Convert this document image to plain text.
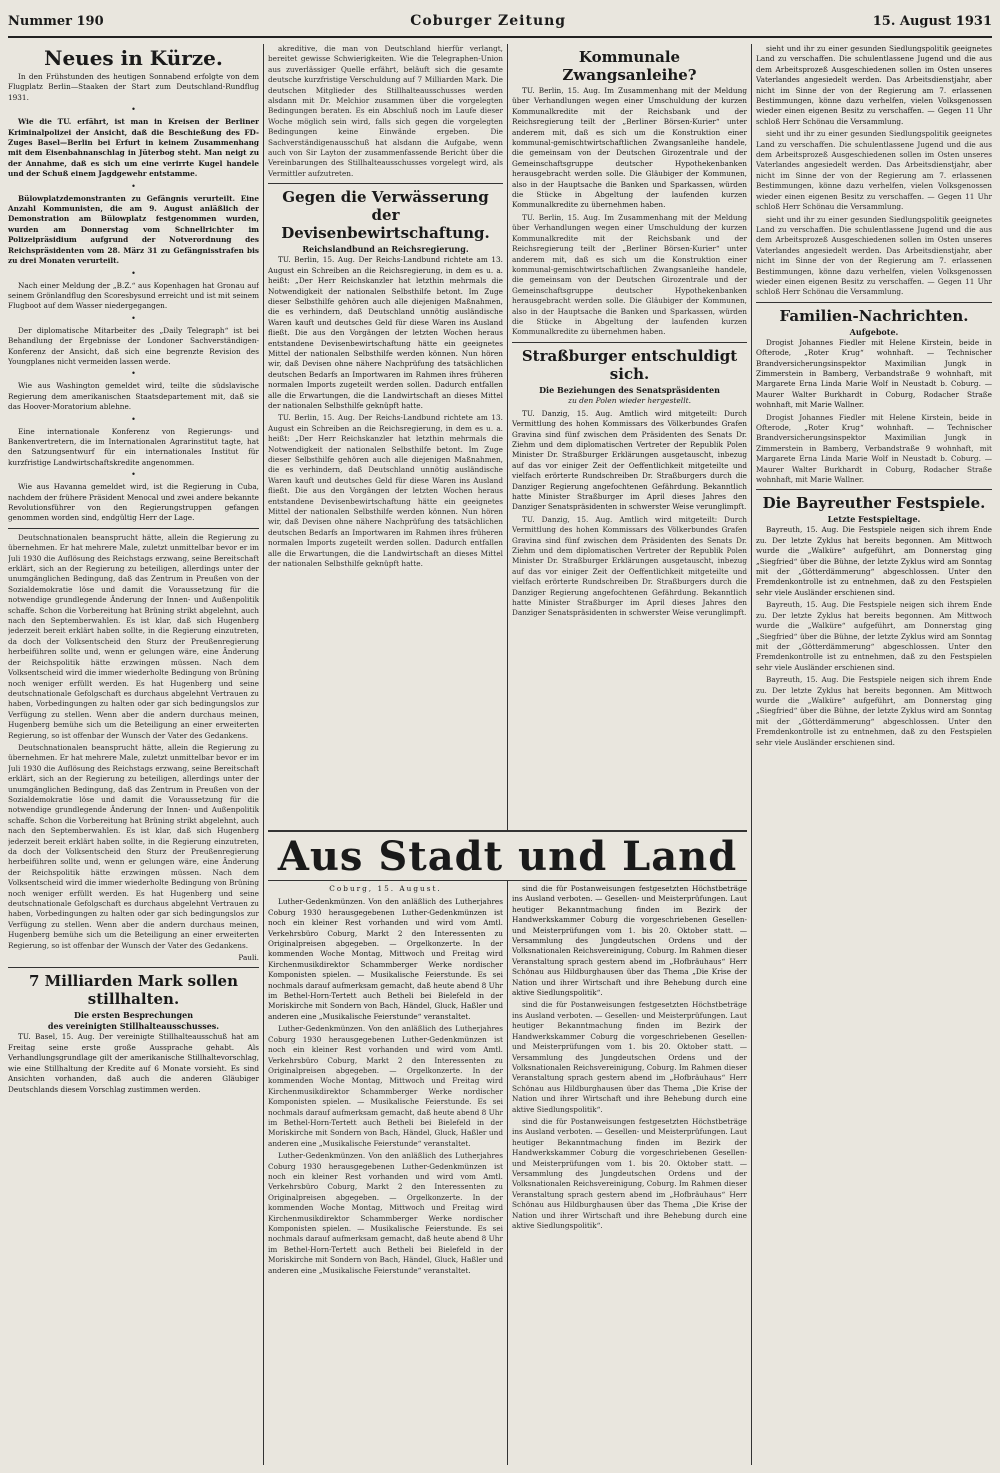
Nummer 190	Coburger Zeitung	15. August 1931
Neues in Kürze.

In den Frühstunden des heutigen Sonnabend erfolgte von dem Flugplatz Berlin—Staaken der Start zum Deutschland-Rundflug 1931.

•

Wie die TU. erfährt, ist man in Kreisen der Berliner Kriminalpolizei der Ansicht, daß die Beschießung des FD-Zuges Basel—Berlin bei Erfurt in keinem Zusammenhang mit dem Eisenbahnanschlag in Jüterbog steht. Man neigt zu der Annahme, daß es sich um eine verirrte Kugel handele und der Schuß einem Jagdgewehr entstamme.

•

Bülowplatzdemonstranten zu Gefängnis verurteilt. Eine Anzahl Kommunisten, die am 9. August anläßlich der Demonstration am Bülowplatz festgenommen wurden, wurden am Donnerstag vom Schnellrichter im Polizeipräsidium aufgrund der Notverordnung des Reichspräsidenten vom 28. März 31 zu Gefängnisstrafen bis zu drei Monaten verurteilt.

•

Nach einer Meldung der „B.Z.“ aus Kopenhagen hat Gronau auf seinem Grönlandflug den Scoresbysund erreicht und ist mit seinem Flugboot auf dem Wasser niedergegangen.

•

Der diplomatische Mitarbeiter des „Daily Telegraph“ ist bei Behandlung der Ergebnisse der Londoner Sachverständigen-Konferenz der Ansicht, daß sich eine begrenzte Revision des Youngplanes nicht vermeiden lassen werde.

•

Wie aus Washington gemeldet wird, teilte die südslavische Regierung dem amerikanischen Staatsdepartement mit, daß sie das Hoover-Moratorium ablehne.

•

Eine internationale Konferenz von Regierungs- und Bankenvertretern, die im Internationalen Agrarinstitut tagte, hat den Satzungsentwurf für ein internationales Institut für kurzfristige Landwirtschaftskredite angenommen.

•

Wie aus Havanna gemeldet wird, ist die Regierung in Cuba, nachdem der frühere Präsident Menocal und zwei andere bekannte Revolutionsführer von den Regierungstruppen gefangen genommen worden sind, endgültig Herr der Lage.

Deutschnationalen beansprucht hätte, allein die Regierung zu übernehmen. Er hat mehrere Male, zuletzt unmittelbar bevor er im Juli 1930 die Auflösung des Reichstags erzwang, seine Bereitschaft erklärt, sich an der Regierung zu beteiligen, allerdings unter der unumgänglichen Bedingung, daß das Zentrum in Preußen von der Sozialdemokratie löse und damit die Voraussetzung für die notwendige grundlegende Änderung der Innen- und Außenpolitik schaffe. Schon die Vorbereitung hat Brüning strikt abgelehnt, auch nach den Septemberwahlen. Es ist klar, daß sich Hugenberg jederzeit bereit erklärt haben sollte, in die Regierung einzutreten, da doch der Volksentscheid den Sturz der Preußenregierung herbeiführen sollte und, wenn er gelungen wäre, eine Änderung der Reichspolitik hätte erzwingen müssen. Nach dem Volksentscheid wird die immer wiederholte Bedingung von Brüning noch weniger erfüllt werden. Es hat Hugenberg und seine deutschnationale Gefolgschaft es durchaus abgelehnt Vertrauen zu haben, Vorbedingungen zu halten oder gar sich bedingungslos zur Verfügung zu stellen. Wenn aber die andern durchaus meinen, Hugenberg bemühe sich um die Beteiligung an einer erweiterten Regierung, so ist offenbar der Wunsch der Vater des Gedankens.

Deutschnationalen beansprucht hätte, allein die Regierung zu übernehmen. Er hat mehrere Male, zuletzt unmittelbar bevor er im Juli 1930 die Auflösung des Reichstags erzwang, seine Bereitschaft erklärt, sich an der Regierung zu beteiligen, allerdings unter der unumgänglichen Bedingung, daß das Zentrum in Preußen von der Sozialdemokratie löse und damit die Voraussetzung für die notwendige grundlegende Änderung der Innen- und Außenpolitik schaffe. Schon die Vorbereitung hat Brüning strikt abgelehnt, auch nach den Septemberwahlen. Es ist klar, daß sich Hugenberg jederzeit bereit erklärt haben sollte, in die Regierung einzutreten, da doch der Volksentscheid den Sturz der Preußenregierung herbeiführen sollte und, wenn er gelungen wäre, eine Änderung der Reichspolitik hätte erzwingen müssen. Nach dem Volksentscheid wird die immer wiederholte Bedingung von Brüning noch weniger erfüllt werden. Es hat Hugenberg und seine deutschnationale Gefolgschaft es durchaus abgelehnt Vertrauen zu haben, Vorbedingungen zu halten oder gar sich bedingungslos zur Verfügung zu stellen. Wenn aber die andern durchaus meinen, Hugenberg bemühe sich um die Beteiligung an einer erweiterten Regierung, so ist offenbar der Wunsch der Vater des Gedankens.

Pauli.
7 Milliarden Mark sollen stillhalten.
Die ersten Besprechungen
des vereinigten Stillhalteausschusses.

TU. Basel, 15. Aug. Der vereinigte Stillhalteausschuß hat am Freitag seine erste große Aussprache gehabt. Als Verhandlungsgrundlage gilt der amerikanische Stillhaltevorschlag, wie eine Stillhaltung der Kredite auf 6 Monate vorsieht. Es sind Ansichten vorhanden, daß auch die anderen Gläubiger Deutschlands diesem Vorschlag zustimmen werden.

akreditive, die man von Deutschland hierfür verlangt, bereitet gewisse Schwierigkeiten. Wie die Telegraphen-Union aus zuverlässiger Quelle erfährt, beläuft sich die gesamte deutsche kurzfristige Verschuldung auf 7 Milliarden Mark. Die deutschen Mitglieder des Stillhalteausschusses werden alsdann mit Dr. Melchior zusammen über die vorgelegten Bedingungen beraten. Es ein Abschluß noch im Laufe dieser Woche möglich sein wird, falls sich gegen die vorgelegten Bedingungen keine Einwände ergeben. Die Sachverständigenausschuß hat alsdann die Aufgabe, wenn auch von Sir Layton der zusammenfassende Bericht über die Vereinbarungen des Stillhalteausschusses vorgelegt wird, als Vermittler aufzutreten.

Gegen die Verwässerung der Devisenbewirtschaftung.
Reichslandbund an Reichsregierung.

TU. Berlin, 15. Aug. Der Reichs-Landbund richtete am 13. August ein Schreiben an die Reichsregierung, in dem es u. a. heißt: „Der Herr Reichskanzler hat letzthin mehrmals die Notwendigkeit der nationalen Selbsthilfe betont. Im Zuge dieser Selbsthilfe gehören auch alle diejenigen Maßnahmen, die es verhindern, daß Deutschland unnötig ausländische Waren kauft und deutsches Geld für diese Waren ins Ausland fließt. Die aus den Vorgängen der letzten Wochen heraus entstandene Devisenbewirtschaftung hätte ein geeignetes Mittel der nationalen Selbsthilfe werden können. Nun hören wir, daß Devisen ohne nähere Nachprüfung des tatsächlichen deutschen Bedarfs an Importwaren im Rahmen ihres früheren normalen Imports zugeteilt werden sollen. Dadurch entfallen alle die Erwartungen, die die Landwirtschaft an dieses Mittel der nationalen Selbsthilfe geknüpft hatte.

TU. Berlin, 15. Aug. Der Reichs-Landbund richtete am 13. August ein Schreiben an die Reichsregierung, in dem es u. a. heißt: „Der Herr Reichskanzler hat letzthin mehrmals die Notwendigkeit der nationalen Selbsthilfe betont. Im Zuge dieser Selbsthilfe gehören auch alle diejenigen Maßnahmen, die es verhindern, daß Deutschland unnötig ausländische Waren kauft und deutsches Geld für diese Waren ins Ausland fließt. Die aus den Vorgängen der letzten Wochen heraus entstandene Devisenbewirtschaftung hätte ein geeignetes Mittel der nationalen Selbsthilfe werden können. Nun hören wir, daß Devisen ohne nähere Nachprüfung des tatsächlichen deutschen Bedarfs an Importwaren im Rahmen ihres früheren normalen Imports zugeteilt werden sollen. Dadurch entfallen alle die Erwartungen, die die Landwirtschaft an dieses Mittel der nationalen Selbsthilfe geknüpft hatte.

Kommunale Zwangsanleihe?

TU. Berlin, 15. Aug. Im Zusammenhang mit der Meldung über Verhandlungen wegen einer Umschuldung der kurzen Kommunalkredite mit der Reichsbank und der Reichsregierung teilt der „Berliner Börsen-Kurier“ unter anderem mit, daß es sich um die Konstruktion einer kommunal-gemischtwirtschaftlichen Zwangsanleihe handele, die gemeinsam von der Deutschen Girozentrale und der Gemeinschaftsgruppe deutscher Hypothekenbanken herausgebracht werden solle. Die Gläubiger der Kommunen, also in der Hauptsache die Banken und Sparkassen, würden die Stücke in Abgeltung der laufenden kurzen Kommunalkredite zu übernehmen haben.

TU. Berlin, 15. Aug. Im Zusammenhang mit der Meldung über Verhandlungen wegen einer Umschuldung der kurzen Kommunalkredite mit der Reichsbank und der Reichsregierung teilt der „Berliner Börsen-Kurier“ unter anderem mit, daß es sich um die Konstruktion einer kommunal-gemischtwirtschaftlichen Zwangsanleihe handele, die gemeinsam von der Deutschen Girozentrale und der Gemeinschaftsgruppe deutscher Hypothekenbanken herausgebracht werden solle. Die Gläubiger der Kommunen, also in der Hauptsache die Banken und Sparkassen, würden die Stücke in Abgeltung der laufenden kurzen Kommunalkredite zu übernehmen haben.

Straßburger entschuldigt sich.
Die Beziehungen des Senatspräsidenten
zu den Polen wieder hergestellt.

TU. Danzig, 15. Aug. Amtlich wird mitgeteilt: Durch Vermittlung des hohen Kommissars des Völkerbundes Grafen Gravina sind fünf zwischen dem Präsidenten des Senats Dr. Ziehm und dem diplomatischen Vertreter der Republik Polen Minister Dr. Straßburger Erklärungen ausgetauscht, inbezug auf das vor einiger Zeit der Oeffentlichkeit mitgeteilte und vielfach erörterte Rundschreiben Dr. Straßburgers durch die Danziger Regierung angefochtenen Gefährdung. Bekanntlich hatte Minister Straßburger im April dieses Jahres den Danziger Senatspräsidenten in schwerster Weise verunglimpft.

TU. Danzig, 15. Aug. Amtlich wird mitgeteilt: Durch Vermittlung des hohen Kommissars des Völkerbundes Grafen Gravina sind fünf zwischen dem Präsidenten des Senats Dr. Ziehm und dem diplomatischen Vertreter der Republik Polen Minister Dr. Straßburger Erklärungen ausgetauscht, inbezug auf das vor einiger Zeit der Oeffentlichkeit mitgeteilte und vielfach erörterte Rundschreiben Dr. Straßburgers durch die Danziger Regierung angefochtenen Gefährdung. Bekanntlich hatte Minister Straßburger im April dieses Jahres den Danziger Senatspräsidenten in schwerster Weise verunglimpft.

sieht und ihr zu einer gesunden Siedlungspolitik geeignetes Land zu verschaffen. Die schulentlassene Jugend und die aus dem Arbeitsprozeß Ausgeschiedenen sollen im Osten unseres Vaterlandes angesiedelt werden. Das Arbeitsdienstjahr, aber nicht im Sinne der von der Regierung am 7. erlassenen Bestimmungen, könne dazu verhelfen, vielen Volksgenossen wieder einen eigenen Besitz zu verschaffen. — Gegen 11 Uhr schloß Herr Schönau die Versammlung.

sieht und ihr zu einer gesunden Siedlungspolitik geeignetes Land zu verschaffen. Die schulentlassene Jugend und die aus dem Arbeitsprozeß Ausgeschiedenen sollen im Osten unseres Vaterlandes angesiedelt werden. Das Arbeitsdienstjahr, aber nicht im Sinne der von der Regierung am 7. erlassenen Bestimmungen, könne dazu verhelfen, vielen Volksgenossen wieder einen eigenen Besitz zu verschaffen. — Gegen 11 Uhr schloß Herr Schönau die Versammlung.

sieht und ihr zu einer gesunden Siedlungspolitik geeignetes Land zu verschaffen. Die schulentlassene Jugend und die aus dem Arbeitsprozeß Ausgeschiedenen sollen im Osten unseres Vaterlandes angesiedelt werden. Das Arbeitsdienstjahr, aber nicht im Sinne der von der Regierung am 7. erlassenen Bestimmungen, könne dazu verhelfen, vielen Volksgenossen wieder einen eigenen Besitz zu verschaffen. — Gegen 11 Uhr schloß Herr Schönau die Versammlung.

Familien-Nachrichten.
Aufgebote.

Drogist Johannes Fiedler mit Helene Kirstein, beide in Ofterode, „Roter Krug“ wohnhaft. — Technischer Brandversicherungsinspektor Maximilian Jungk in Zimmerstein in Bamberg, Verbandstraße 9 wohnhaft, mit Margarete Erna Linda Marie Wolf in Neustadt b. Coburg. — Maurer Walter Burkhardt in Coburg, Rodacher Straße wohnhaft, mit Marie Wallner.

Drogist Johannes Fiedler mit Helene Kirstein, beide in Ofterode, „Roter Krug“ wohnhaft. — Technischer Brandversicherungsinspektor Maximilian Jungk in Zimmerstein in Bamberg, Verbandstraße 9 wohnhaft, mit Margarete Erna Linda Marie Wolf in Neustadt b. Coburg. — Maurer Walter Burkhardt in Coburg, Rodacher Straße wohnhaft, mit Marie Wallner.

Die Bayreuther Festspiele.
Letzte Festspieltage.

Bayreuth, 15. Aug. Die Festspiele neigen sich ihrem Ende zu. Der letzte Zyklus hat bereits begonnen. Am Mittwoch wurde die „Walküre“ aufgeführt, am Donnerstag ging „Siegfried“ über die Bühne, der letzte Zyklus wird am Sonntag mit der „Götterdämmerung“ abgeschlossen. Unter den Fremdenkontrolle ist zu entnehmen, daß zu den Festspielen sehr viele Ausländer erschienen sind.

Bayreuth, 15. Aug. Die Festspiele neigen sich ihrem Ende zu. Der letzte Zyklus hat bereits begonnen. Am Mittwoch wurde die „Walküre“ aufgeführt, am Donnerstag ging „Siegfried“ über die Bühne, der letzte Zyklus wird am Sonntag mit der „Götterdämmerung“ abgeschlossen. Unter den Fremdenkontrolle ist zu entnehmen, daß zu den Festspielen sehr viele Ausländer erschienen sind.

Bayreuth, 15. Aug. Die Festspiele neigen sich ihrem Ende zu. Der letzte Zyklus hat bereits begonnen. Am Mittwoch wurde die „Walküre“ aufgeführt, am Donnerstag ging „Siegfried“ über die Bühne, der letzte Zyklus wird am Sonntag mit der „Götterdämmerung“ abgeschlossen. Unter den Fremdenkontrolle ist zu entnehmen, daß zu den Festspielen sehr viele Ausländer erschienen sind.

Aus Stadt und Land
Coburg, 15. August.

Luther-Gedenkmünzen. Von den anläßlich des Lutherjahres Coburg 1930 herausgegebenen Luther-Gedenkmünzen ist noch ein kleiner Rest vorhanden und wird vom Amtl. Verkehrsbüro Coburg, Markt 2 den Interessenten zu Originalpreisen abgegeben. — Orgelkonzerte. In der kommenden Woche Montag, Mittwoch und Freitag wird Kirchenmusikdirektor Schammberger Werke nordischer Komponisten spielen. — Musikalische Feierstunde. Es sei nochmals darauf aufmerksam gemacht, daß heute abend 8 Uhr im Bethel-Horn-Tertett auch Betheli bei Bielefeld in der Moriskirche mit Sondern von Bach, Händel, Gluck, Haßler und anderen eine „Musikalische Feierstunde“ veranstaltet.

Luther-Gedenkmünzen. Von den anläßlich des Lutherjahres Coburg 1930 herausgegebenen Luther-Gedenkmünzen ist noch ein kleiner Rest vorhanden und wird vom Amtl. Verkehrsbüro Coburg, Markt 2 den Interessenten zu Originalpreisen abgegeben. — Orgelkonzerte. In der kommenden Woche Montag, Mittwoch und Freitag wird Kirchenmusikdirektor Schammberger Werke nordischer Komponisten spielen. — Musikalische Feierstunde. Es sei nochmals darauf aufmerksam gemacht, daß heute abend 8 Uhr im Bethel-Horn-Tertett auch Betheli bei Bielefeld in der Moriskirche mit Sondern von Bach, Händel, Gluck, Haßler und anderen eine „Musikalische Feierstunde“ veranstaltet.

Luther-Gedenkmünzen. Von den anläßlich des Lutherjahres Coburg 1930 herausgegebenen Luther-Gedenkmünzen ist noch ein kleiner Rest vorhanden und wird vom Amtl. Verkehrsbüro Coburg, Markt 2 den Interessenten zu Originalpreisen abgegeben. — Orgelkonzerte. In der kommenden Woche Montag, Mittwoch und Freitag wird Kirchenmusikdirektor Schammberger Werke nordischer Komponisten spielen. — Musikalische Feierstunde. Es sei nochmals darauf aufmerksam gemacht, daß heute abend 8 Uhr im Bethel-Horn-Tertett auch Betheli bei Bielefeld in der Moriskirche mit Sondern von Bach, Händel, Gluck, Haßler und anderen eine „Musikalische Feierstunde“ veranstaltet.

sind die für Postanweisungen festgesetzten Höchstbeträge ins Ausland verboten. — Gesellen- und Meisterprüfungen. Laut heutiger Bekanntmachung finden im Bezirk der Handwerkskammer Coburg die vorgeschriebenen Gesellen- und Meisterprüfungen vom 1. bis 20. Oktober statt. — Versammlung des Jungdeutschen Ordens und der Volksnationalen Reichsvereinigung, Coburg. Im Rahmen dieser Veranstaltung sprach gestern abend im „Hofbräuhaus“ Herr Schönau aus Hildburghausen über das Thema „Die Krise der Nation und ihrer Wirtschaft und ihre Behebung durch eine aktive Siedlungspolitik“.

sind die für Postanweisungen festgesetzten Höchstbeträge ins Ausland verboten. — Gesellen- und Meisterprüfungen. Laut heutiger Bekanntmachung finden im Bezirk der Handwerkskammer Coburg die vorgeschriebenen Gesellen- und Meisterprüfungen vom 1. bis 20. Oktober statt. — Versammlung des Jungdeutschen Ordens und der Volksnationalen Reichsvereinigung, Coburg. Im Rahmen dieser Veranstaltung sprach gestern abend im „Hofbräuhaus“ Herr Schönau aus Hildburghausen über das Thema „Die Krise der Nation und ihrer Wirtschaft und ihre Behebung durch eine aktive Siedlungspolitik“.

sind die für Postanweisungen festgesetzten Höchstbeträge ins Ausland verboten. — Gesellen- und Meisterprüfungen. Laut heutiger Bekanntmachung finden im Bezirk der Handwerkskammer Coburg die vorgeschriebenen Gesellen- und Meisterprüfungen vom 1. bis 20. Oktober statt. — Versammlung des Jungdeutschen Ordens und der Volksnationalen Reichsvereinigung, Coburg. Im Rahmen dieser Veranstaltung sprach gestern abend im „Hofbräuhaus“ Herr Schönau aus Hildburghausen über das Thema „Die Krise der Nation und ihrer Wirtschaft und ihre Behebung durch eine aktive Siedlungspolitik“.
